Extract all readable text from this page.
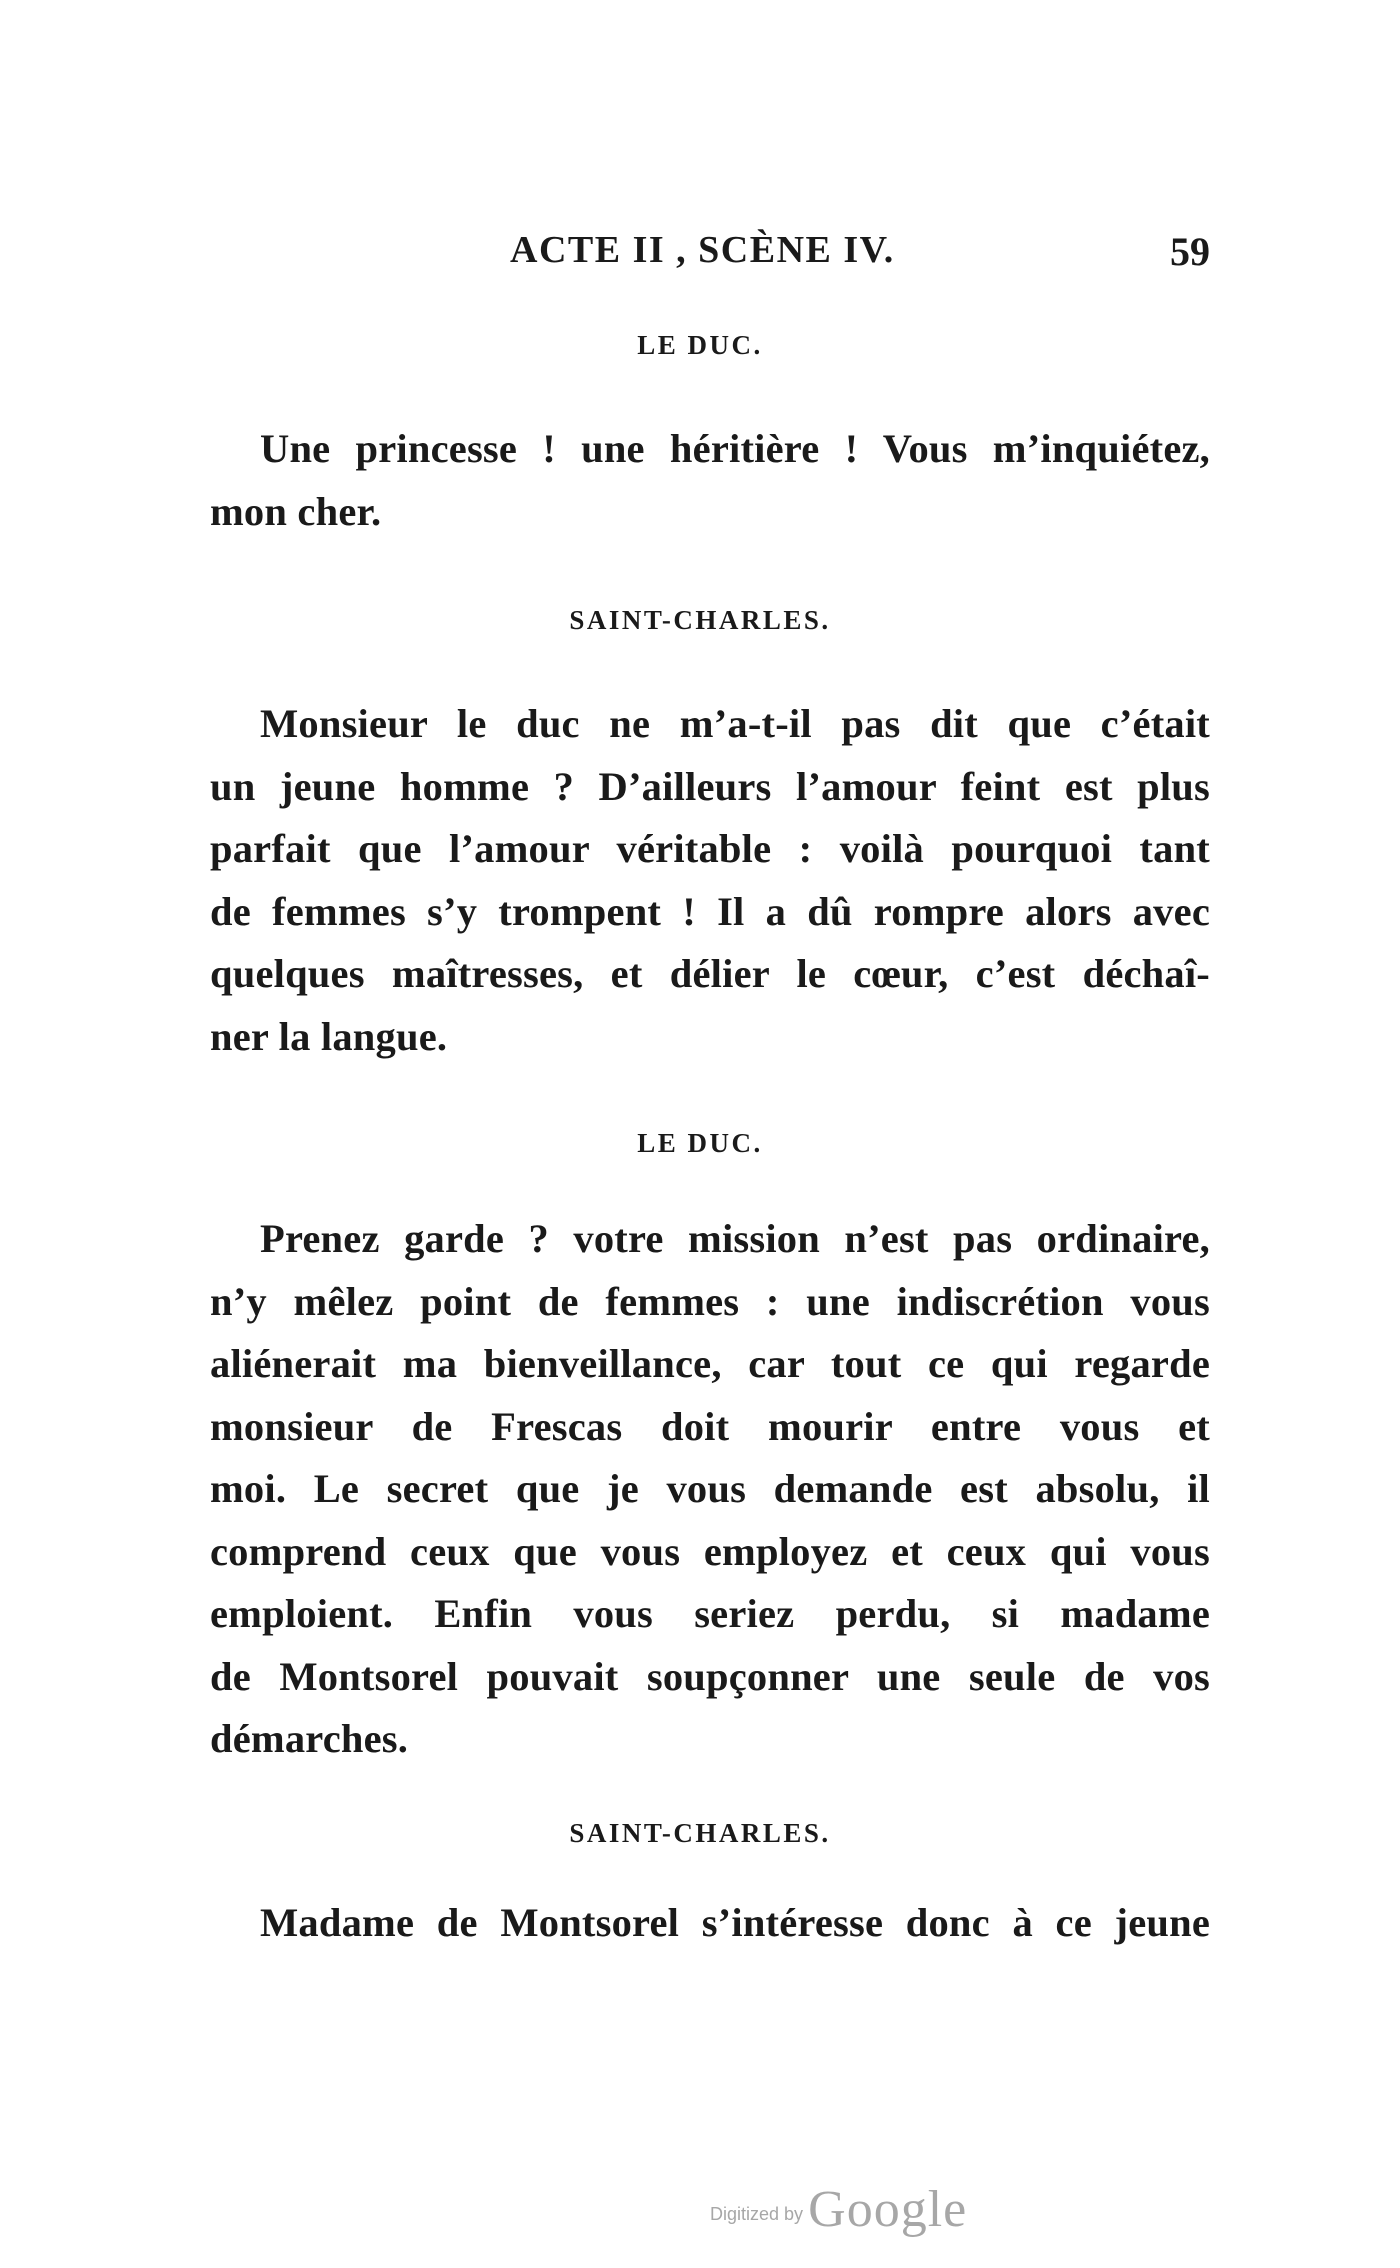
ACTE II , SCÈNE IV.	59
LE DUC.
Une princesse ! une héritière ! Vous m’inquiétez,
mon cher.
SAINT-CHARLES.
Monsieur le duc ne m’a-t-il pas dit que c’était
un jeune homme ? D’ailleurs l’amour feint est plus
parfait que l’amour véritable : voilà pourquoi tant
de femmes s’y trompent ! Il a dû rompre alors avec
quelques maîtresses, et délier le cœur, c’est déchaî-
ner la langue.
LE DUC.
Prenez garde ? votre mission n’est pas ordinaire,
n’y mêlez point de femmes : une indiscrétion vous
aliénerait ma bienveillance, car tout ce qui regarde
monsieur de Frescas doit mourir entre vous et
moi. Le secret que je vous demande est absolu, il
comprend ceux que vous employez et ceux qui vous
emploient. Enfin vous seriez perdu, si madame
de Montsorel pouvait soupçonner une seule de vos
démarches.
SAINT-CHARLES.
Madame de Montsorel s’intéresse donc à ce jeune
Digitized by Google
